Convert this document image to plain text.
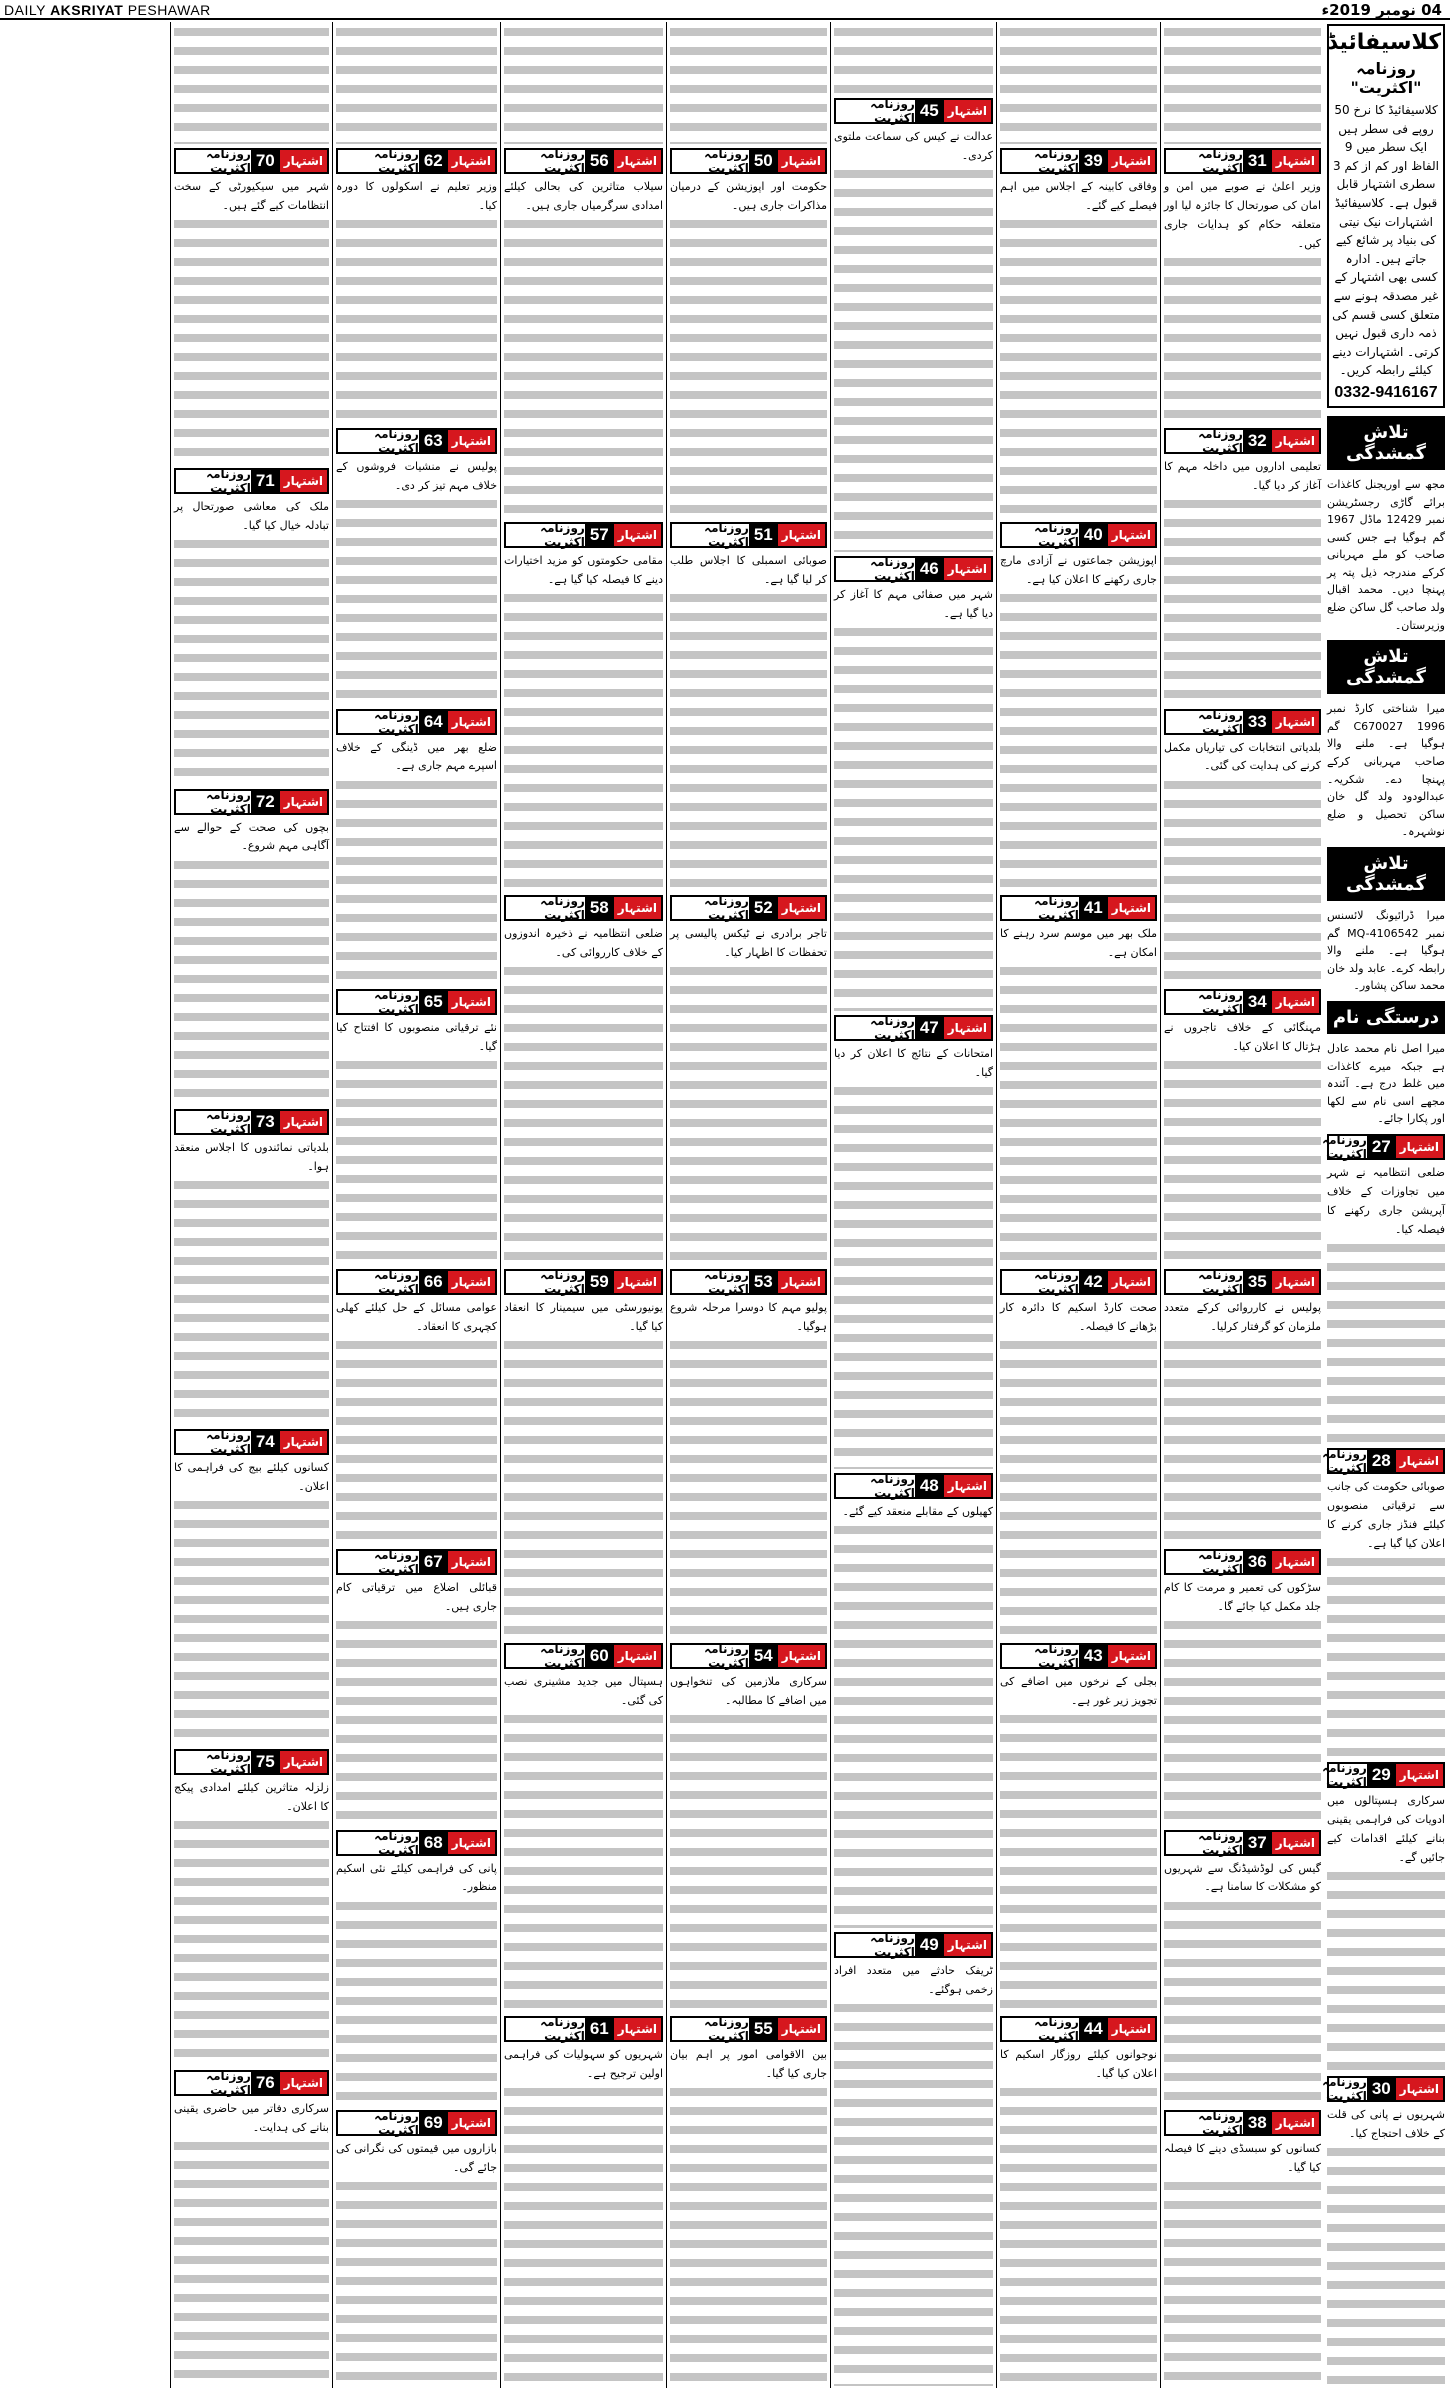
DAILY AKSRIYAT PESHAWAR	04 نومبر 2019ء
کلاسیفائیڈ
روزنامہ "اکثریت"
کلاسیفائیڈ کا نرخ 50 روپے فی سطر ہیں ایک سطر میں 9 الفاظ اور کم از کم 3 سطری اشتہار قابل قبول ہے۔ کلاسیفائیڈ اشتہارات نیک نیتی کی بنیاد پر شائع کیے جاتے ہیں۔ ادارہ کسی بھی اشتہار کے غیر مصدقہ ہونے سے متعلق کسی قسم کی ذمہ داری قبول نہیں کرتی۔ اشتہارات دینے کیلئے رابطہ کریں۔
0332-9416167
تلاش گمشدگی
مجھ سے اوریجنل کاغذات برائے گاڑی رجسٹریشن نمبر 12429 ماڈل 1967 گم ہوگیا ہے جس کسی صاحب کو ملے مہربانی کرکے مندرجہ ذیل پتہ پر پہنچا دیں۔ محمد اقبال ولد صاحب گل ساکن ضلع وزیرستان۔
تلاش گمشدگی
میرا شناختی کارڈ نمبر C670027 1996 گم ہوگیا ہے۔ ملنے والا صاحب مہربانی کرکے پہنچا دے۔ شکریہ۔ عبدالودود ولد گل خان ساکن تحصیل و ضلع نوشہرہ۔
تلاش گمشدگی
میرا ڈرائیونگ لائسنس نمبر MQ-4106542 گم ہوگیا ہے۔ ملنے والا رابطہ کرے۔ عابد ولد خان محمد ساکن پشاور۔
درستگی نام
میرا اصل نام محمد عادل ہے جبکہ میرے کاغذات میں غلط درج ہے۔ آئندہ مجھے اسی نام سے لکھا اور پکارا جائے۔
اشتہار
27
روزنامہ اکثریت
ضلعی انتظامیہ نے شہر میں تجاوزات کے خلاف آپریشن جاری رکھنے کا فیصلہ کیا۔
اشتہار
28
روزنامہ اکثریت
صوبائی حکومت کی جانب سے ترقیاتی منصوبوں کیلئے فنڈز جاری کرنے کا اعلان کیا گیا ہے۔
اشتہار
29
روزنامہ اکثریت
سرکاری ہسپتالوں میں ادویات کی فراہمی یقینی بنانے کیلئے اقدامات کیے جائیں گے۔
اشتہار
30
روزنامہ اکثریت
شہریوں نے پانی کی قلت کے خلاف احتجاج کیا۔
اشتہار
31
روزنامہ اکثریت
وزیر اعلیٰ نے صوبے میں امن و امان کی صورتحال کا جائزہ لیا اور متعلقہ حکام کو ہدایات جاری کیں۔
اشتہار
32
روزنامہ اکثریت
تعلیمی اداروں میں داخلہ مہم کا آغاز کر دیا گیا۔
اشتہار
33
روزنامہ اکثریت
بلدیاتی انتخابات کی تیاریاں مکمل کرنے کی ہدایت کی گئی۔
اشتہار
34
روزنامہ اکثریت
مہنگائی کے خلاف تاجروں نے ہڑتال کا اعلان کیا۔
اشتہار
35
روزنامہ اکثریت
پولیس نے کارروائی کرکے متعدد ملزمان کو گرفتار کرلیا۔
اشتہار
36
روزنامہ اکثریت
سڑکوں کی تعمیر و مرمت کا کام جلد مکمل کیا جائے گا۔
اشتہار
37
روزنامہ اکثریت
گیس کی لوڈشیڈنگ سے شہریوں کو مشکلات کا سامنا ہے۔
اشتہار
38
روزنامہ اکثریت
کسانوں کو سبسڈی دینے کا فیصلہ کیا گیا۔
اشتہار
39
روزنامہ اکثریت
وفاقی کابینہ کے اجلاس میں اہم فیصلے کیے گئے۔
اشتہار
40
روزنامہ اکثریت
اپوزیشن جماعتوں نے آزادی مارچ جاری رکھنے کا اعلان کیا ہے۔
اشتہار
41
روزنامہ اکثریت
ملک بھر میں موسم سرد رہنے کا امکان ہے۔
اشتہار
42
روزنامہ اکثریت
صحت کارڈ اسکیم کا دائرہ کار بڑھانے کا فیصلہ۔
اشتہار
43
روزنامہ اکثریت
بجلی کے نرخوں میں اضافے کی تجویز زیر غور ہے۔
اشتہار
44
روزنامہ اکثریت
نوجوانوں کیلئے روزگار اسکیم کا اعلان کیا گیا۔
اشتہار
45
روزنامہ اکثریت
عدالت نے کیس کی سماعت ملتوی کردی۔
اشتہار
46
روزنامہ اکثریت
شہر میں صفائی مہم کا آغاز کر دیا گیا ہے۔
اشتہار
47
روزنامہ اکثریت
امتحانات کے نتائج کا اعلان کر دیا گیا۔
اشتہار
48
روزنامہ اکثریت
کھیلوں کے مقابلے منعقد کیے گئے۔
اشتہار
49
روزنامہ اکثریت
ٹریفک حادثے میں متعدد افراد زخمی ہوگئے۔
اشتہار
50
روزنامہ اکثریت
حکومت اور اپوزیشن کے درمیان مذاکرات جاری ہیں۔
اشتہار
51
روزنامہ اکثریت
صوبائی اسمبلی کا اجلاس طلب کر لیا گیا ہے۔
اشتہار
52
روزنامہ اکثریت
تاجر برادری نے ٹیکس پالیسی پر تحفظات کا اظہار کیا۔
اشتہار
53
روزنامہ اکثریت
پولیو مہم کا دوسرا مرحلہ شروع ہوگیا۔
اشتہار
54
روزنامہ اکثریت
سرکاری ملازمین کی تنخواہوں میں اضافے کا مطالبہ۔
اشتہار
55
روزنامہ اکثریت
بین الاقوامی امور پر اہم بیان جاری کیا گیا۔
اشتہار
56
روزنامہ اکثریت
سیلاب متاثرین کی بحالی کیلئے امدادی سرگرمیاں جاری ہیں۔
اشتہار
57
روزنامہ اکثریت
مقامی حکومتوں کو مزید اختیارات دینے کا فیصلہ کیا گیا ہے۔
اشتہار
58
روزنامہ اکثریت
ضلعی انتظامیہ نے ذخیرہ اندوزوں کے خلاف کارروائی کی۔
اشتہار
59
روزنامہ اکثریت
یونیورسٹی میں سیمینار کا انعقاد کیا گیا۔
اشتہار
60
روزنامہ اکثریت
ہسپتال میں جدید مشینری نصب کی گئی۔
اشتہار
61
روزنامہ اکثریت
شہریوں کو سہولیات کی فراہمی اولین ترجیح ہے۔
اشتہار
62
روزنامہ اکثریت
وزیر تعلیم نے اسکولوں کا دورہ کیا۔
اشتہار
63
روزنامہ اکثریت
پولیس نے منشیات فروشوں کے خلاف مہم تیز کر دی۔
اشتہار
64
روزنامہ اکثریت
ضلع بھر میں ڈینگی کے خلاف اسپرے مہم جاری ہے۔
اشتہار
65
روزنامہ اکثریت
نئے ترقیاتی منصوبوں کا افتتاح کیا گیا۔
اشتہار
66
روزنامہ اکثریت
عوامی مسائل کے حل کیلئے کھلی کچہری کا انعقاد۔
اشتہار
67
روزنامہ اکثریت
قبائلی اضلاع میں ترقیاتی کام جاری ہیں۔
اشتہار
68
روزنامہ اکثریت
پانی کی فراہمی کیلئے نئی اسکیم منظور۔
اشتہار
69
روزنامہ اکثریت
بازاروں میں قیمتوں کی نگرانی کی جائے گی۔
اشتہار
70
روزنامہ اکثریت
شہر میں سیکیورٹی کے سخت انتظامات کیے گئے ہیں۔
اشتہار
71
روزنامہ اکثریت
ملک کی معاشی صورتحال پر تبادلہ خیال کیا گیا۔
اشتہار
72
روزنامہ اکثریت
بچوں کی صحت کے حوالے سے آگاہی مہم شروع۔
اشتہار
73
روزنامہ اکثریت
بلدیاتی نمائندوں کا اجلاس منعقد ہوا۔
اشتہار
74
روزنامہ اکثریت
کسانوں کیلئے بیج کی فراہمی کا اعلان۔
اشتہار
75
روزنامہ اکثریت
زلزلہ متاثرین کیلئے امدادی پیکج کا اعلان۔
اشتہار
76
روزنامہ اکثریت
سرکاری دفاتر میں حاضری یقینی بنانے کی ہدایت۔
